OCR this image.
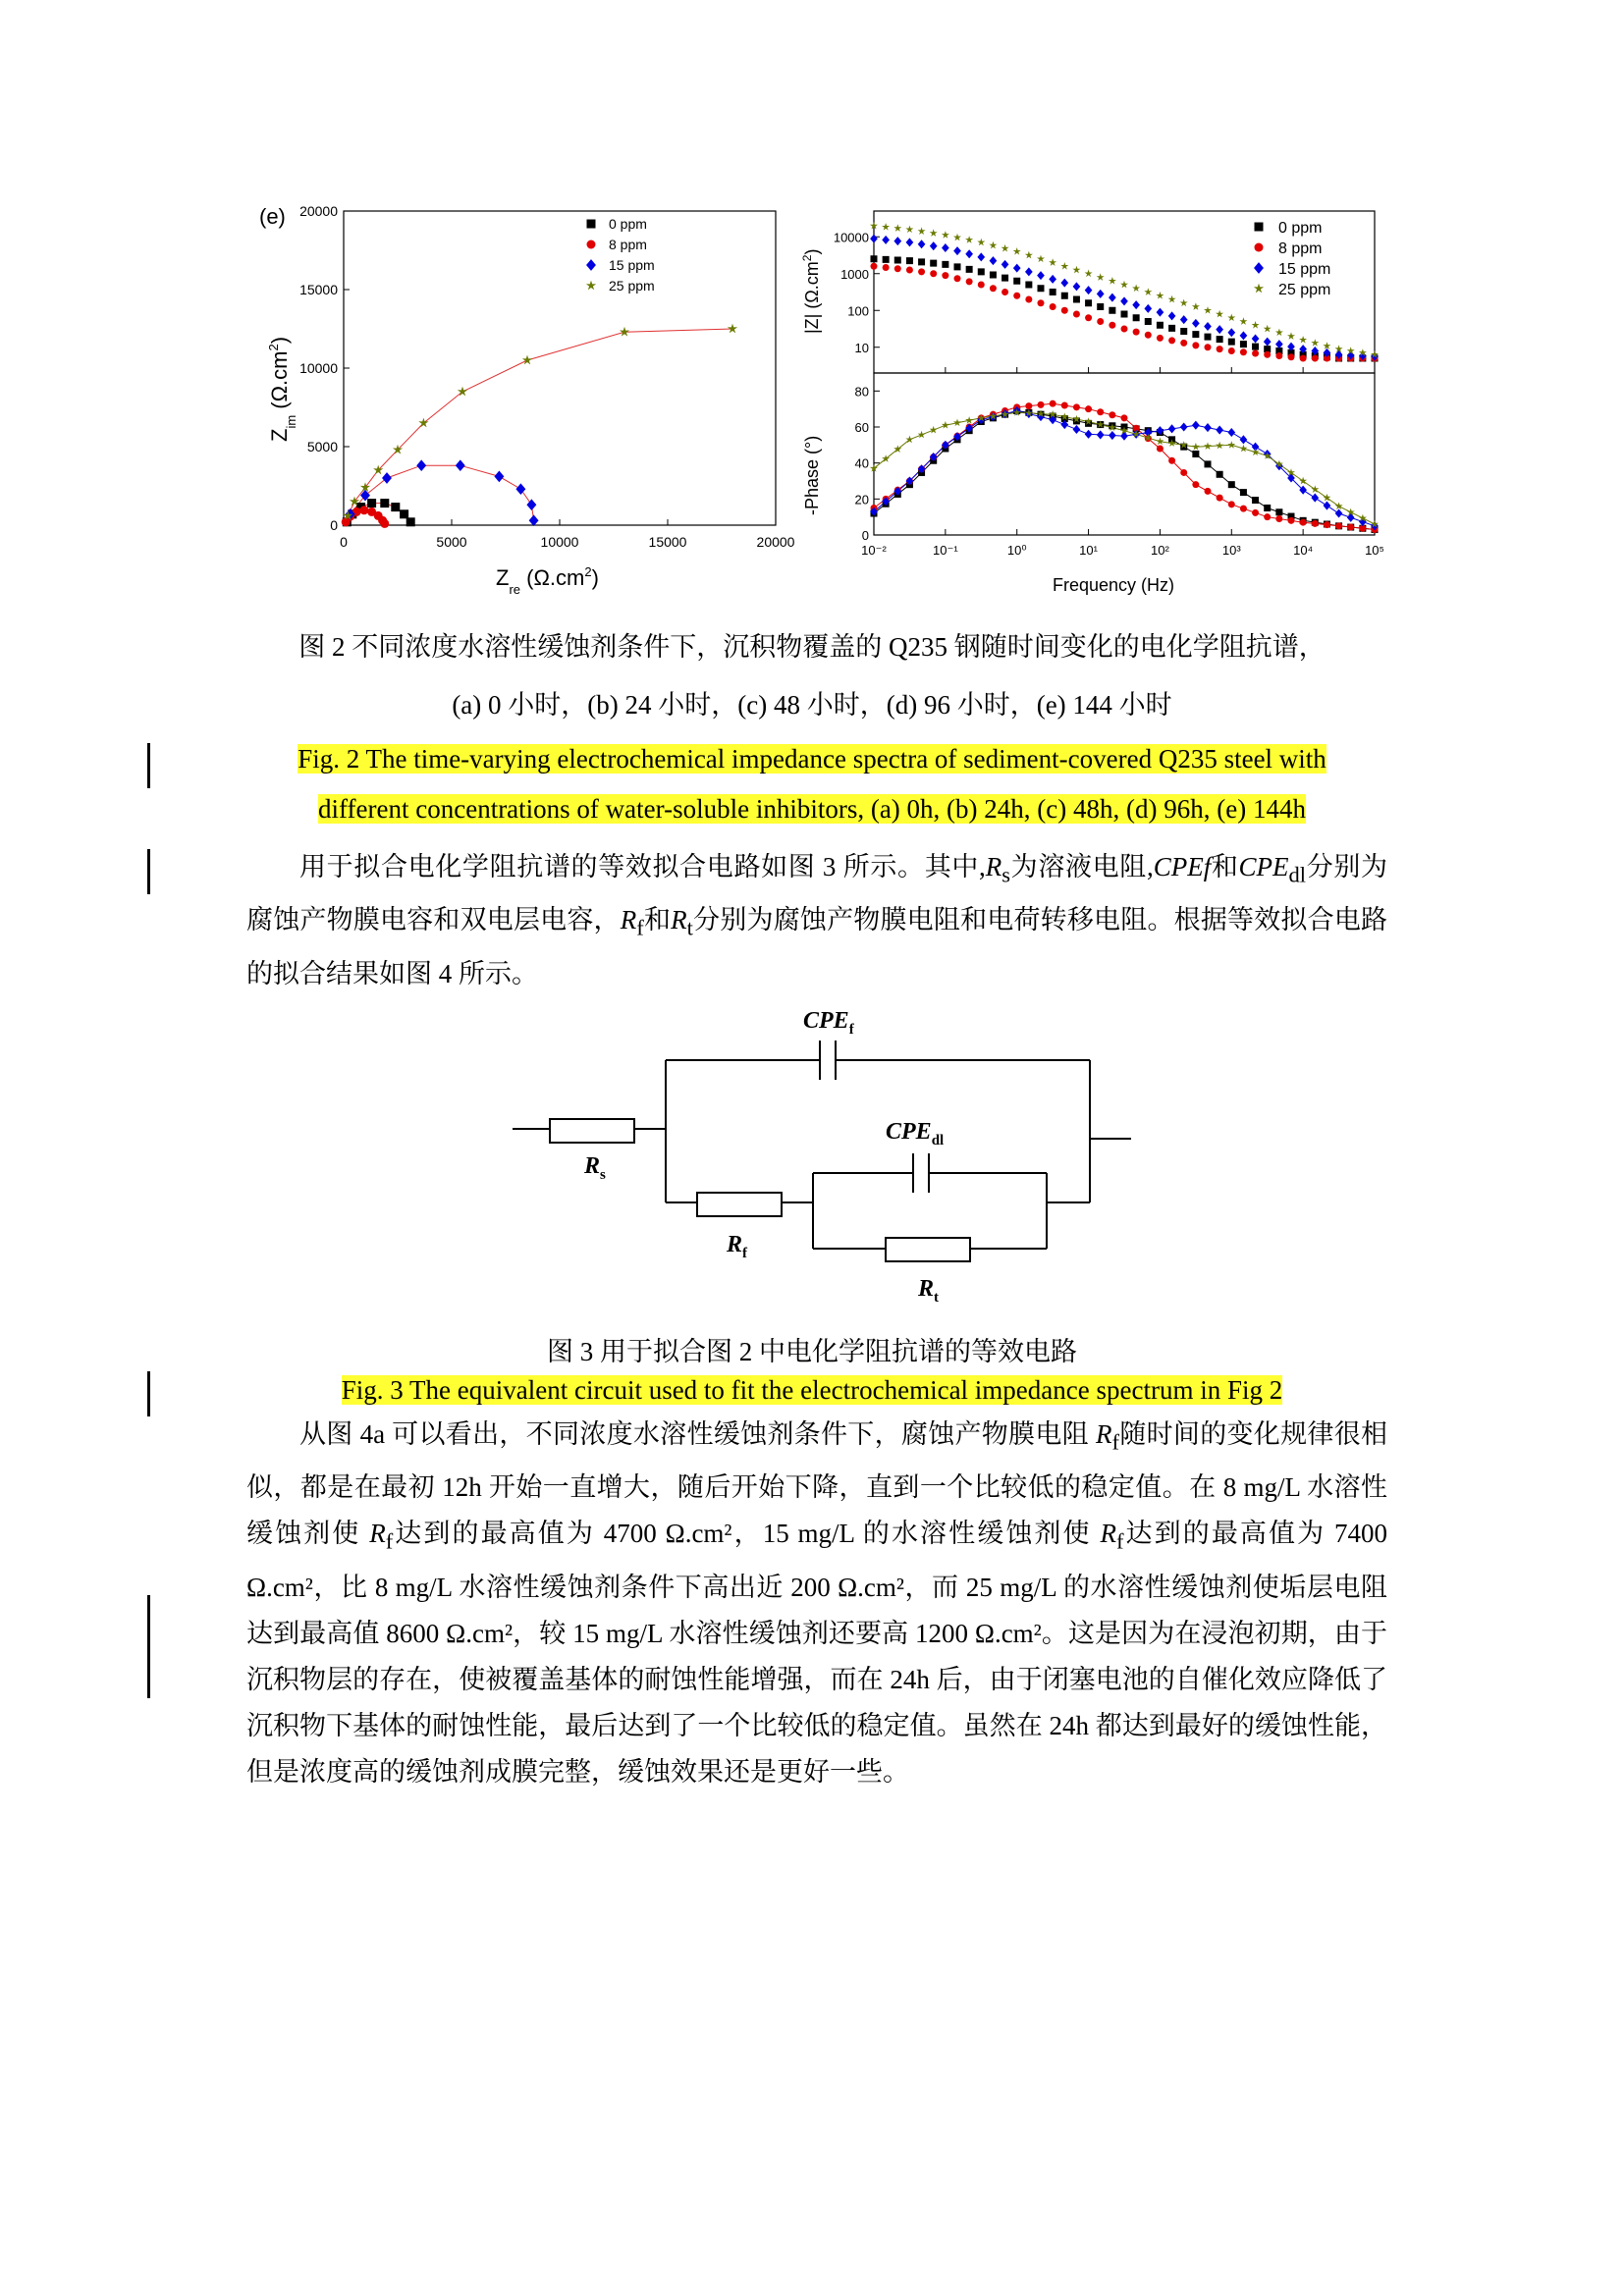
(e)
0	5000	10000	15000	20000
0
5000
10000
15000
20000
0 ppm
8 ppm
15 ppm
25 ppm
$Z_{re}$ $(\Omega.cm^2)$
$Z_{im}$ $(\Omega.cm^2)$
10⁻²	10⁻¹	10⁰	10¹	10²	10³	10⁴	10⁵
10
100
1000
10000
0
20
40
60
80
0 ppm
8 ppm
15 ppm
25 ppm
Frequency (Hz)
|Z| $(\Omega.cm^2)$
-Phase (°)
图 2 不同浓度水溶性缓蚀剂条件下，沉积物覆盖的 Q235 钢随时间变化的电化学阻抗谱，
(a) 0 小时，(b) 24 小时，(c) 48 小时，(d) 96 小时，(e) 144 小时
Fig. 2 The time-varying electrochemical impedance spectra of sediment-covered Q235 steel with
different concentrations of water-soluble inhibitors, (a) 0h, (b) 24h, (c) 48h, (d) 96h, (e) 144h

用于拟合电化学阻抗谱的等效拟合电路如图 3 所示。其中$,R_s$为溶液电阻,CPEf和$CPE_{dl}$分别为腐蚀产物膜电容和双电层电容，$R_f$和$R_t$分别为腐蚀产物膜电阻和电荷转移电阻。根据等效拟合电路的拟合结果如图 4 所示。

$CPE_f$
$R_s$
$CPE_{dl}$
$R_f$
$R_t$
图 3 用于拟合图 2 中电化学阻抗谱的等效电路
Fig. 3 The equivalent circuit used to fit the electrochemical impedance spectrum in Fig 2

从图 4a 可以看出，不同浓度水溶性缓蚀剂条件下，腐蚀产物膜电阻 $R_f$随时间的变化规律很相似，都是在最初 12h 开始一直增大，随后开始下降，直到一个比较低的稳定值。在 8 mg/L 水溶性缓蚀剂使 $R_f$达到的最高值为 4700 Ω.cm²，15 mg/L 的水溶性缓蚀剂使 $R_f$达到的最高值为 7400 Ω.cm²，比 8 mg/L 水溶性缓蚀剂条件下高出近 200 Ω.cm²，而 25 mg/L 的水溶性缓蚀剂使垢层电阻达到最高值 8600 Ω.cm²，较 15 mg/L 水溶性缓蚀剂还要高 1200 Ω.cm²。这是因为在浸泡初期，由于沉积物层的存在，使被覆盖基体的耐蚀性能增强，而在 24h 后，由于闭塞电池的自催化效应降低了沉积物下基体的耐蚀性能，最后达到了一个比较低的稳定值。虽然在 24h 都达到最好的缓蚀性能，但是浓度高的缓蚀剂成膜完整，缓蚀效果还是更好一些。
